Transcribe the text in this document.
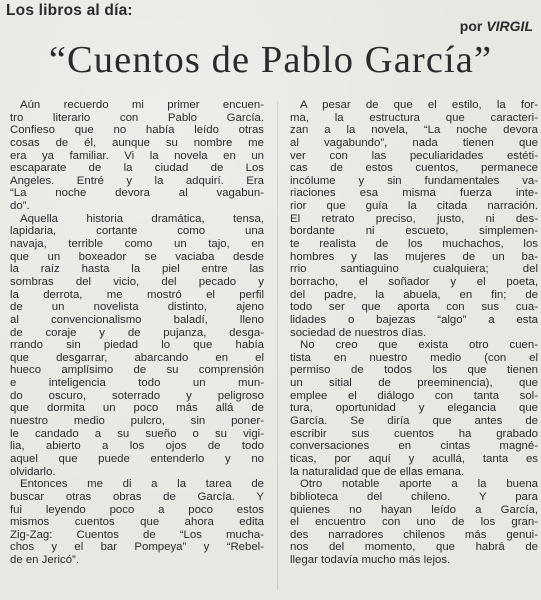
Los libros al día:
por VIRGIL
“Cuentos de Pablo García”
Aún recuerdo mi primer encuen-
tro literario con Pablo García.
Confieso que no había leído otras
cosas de él, aunque su nombre me
era ya familiar. Vi la novela en un
escaparate de la ciudad de Los
Angeles. Entré y la adquirí. Era
“La noche devora al vagabun-
do”.
Aquella historia dramática, tensa,
lapidaria, cortante como una
navaja, terrible como un tajo, en
que un boxeador se vaciaba desde
la raíz hasta la piel entre las
sombras del vicio, del pecado y
la derrota, me mostró el perfil
de un novelista distinto, ajeno
al convencionalismo baladí, lleno
de coraje y de pujanza, desga-
rrando sin piedad lo que había
que desgarrar, abarcando en el
hueco amplísimo de su comprensión
e inteligencia todo un mun-
do oscuro, soterrado y peligroso
que dormita un poco más allá de
nuestro medio pulcro, sin poner-
le candado a su sueño o su vigi-
lia, abierto a los ojos de todo
aquel que puede entenderlo y no
olvidarlo.
Entonces me di a la tarea de
buscar otras obras de García. Y
fui leyendo poco a poco estos
mismos cuentos que ahora edita
Zig-Zag: Cuentos de “Los mucha-
chos y el bar Pompeya” y “Rebel-
de en Jericó”.
A pesar de que el estilo, la for-
ma, la estructura que caracteri-
zan a la novela, “La noche devora
al vagabundo”, nada tienen que
ver con las peculiaridades estéti-
cas de estos cuentos, permanece
incólume y sin fundamentales va-
riaciones esa misma fuerza inte-
rior que guía la citada narración.
El retrato preciso, justo, ni des-
bordante ni escueto, simplemen-
te realista de los muchachos, los
hombres y las mujeres de un ba-
rrio santiaguino cualquiera; del
borracho, el soñador y el poeta,
del padre, la abuela, en fin; de
todo ser que aporta con sus cua-
lidades o bajezas “algo” a esta
sociedad de nuestros días.
No creo que exista otro cuen-
tista en nuestro medio (con el
permiso de todos los que tienen
un sitial de preeminencia), que
emplee el diálogo con tanta sol-
tura, oportunidad y elegancia que
García. Se diría que antes de
escribir sus cuentos ha grabado
conversaciones en cintas magné-
ticas, por aquí y acullá, tanta es
la naturalidad que de ellas emana.
Otro notable aporte a la buena
biblioteca del chileno. Y para
quienes no hayan leído a García,
el encuentro con uno de los gran-
des narradores chilenos más genui-
nos del momento, que habrá de
llegar todavía mucho más lejos.
